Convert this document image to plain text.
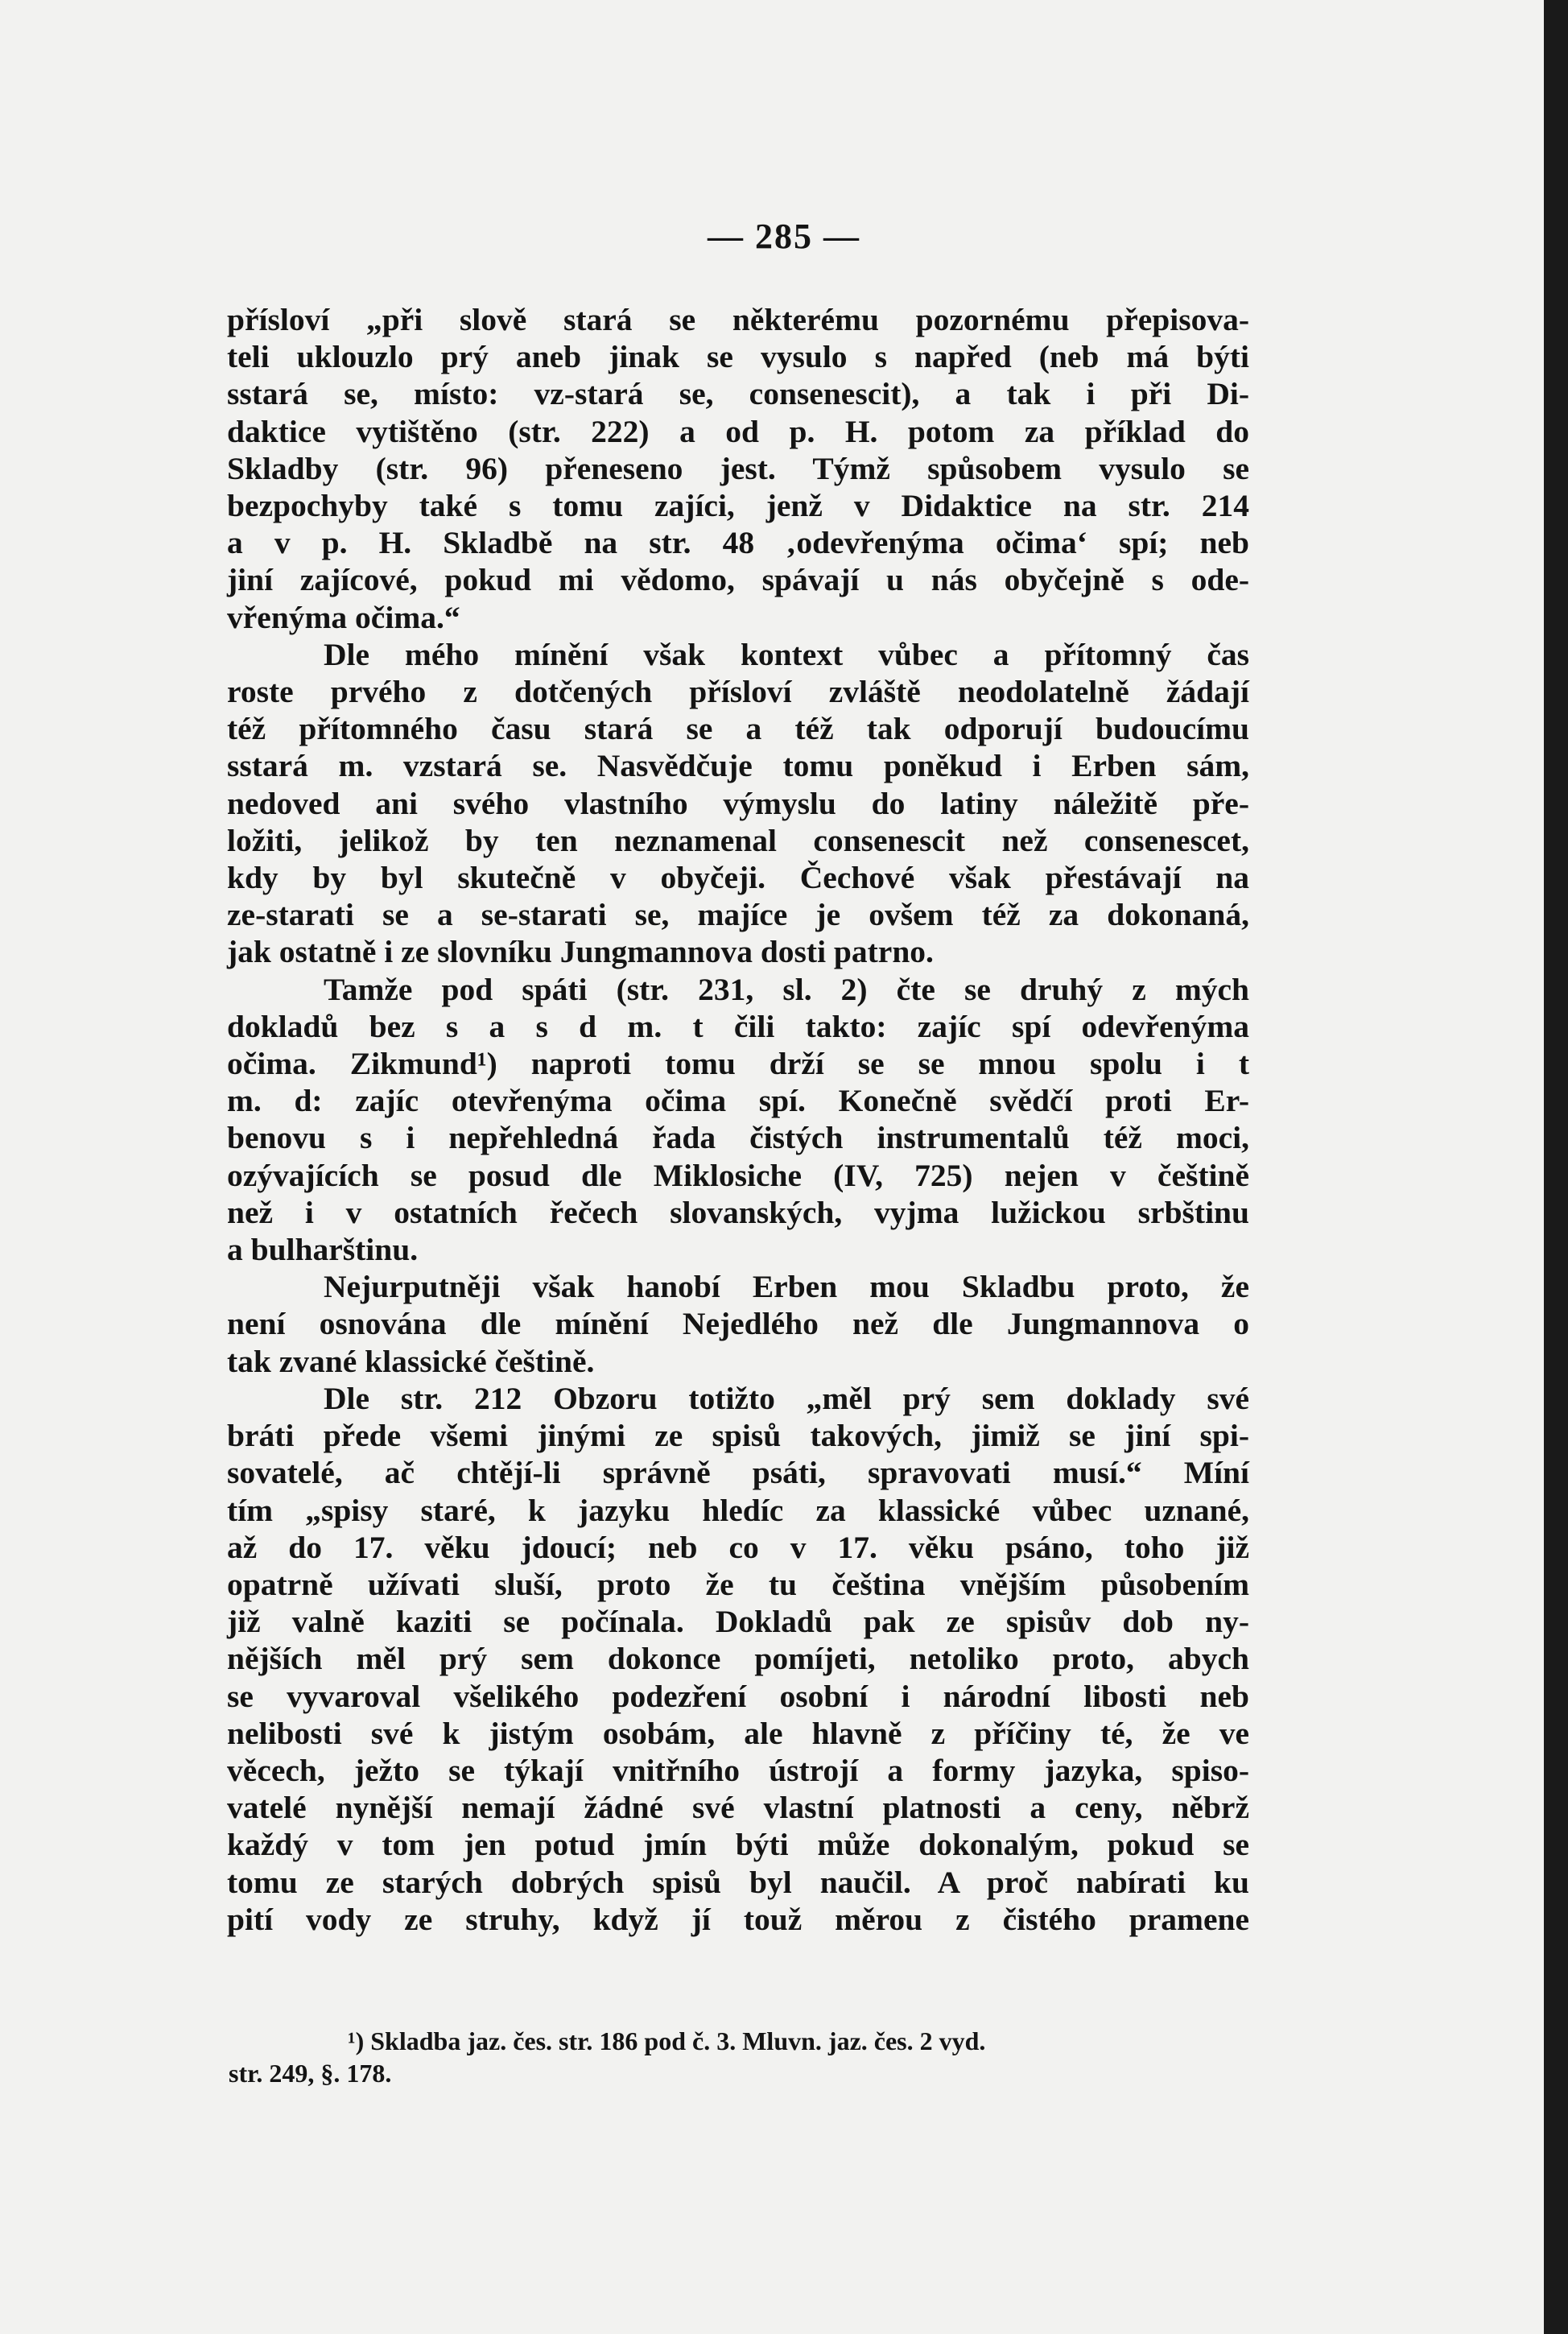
— 285 —
přísloví „při slově stará se některému pozornému přepisova-
teli uklouzlo prý aneb jinak se vysulo s napřed (neb má býti
sstará se, místo: vz-stará se, consenescit), a tak i při Di-
daktice vytištěno (str. 222) a od p. H. potom za příklad do
Skladby (str. 96) přeneseno jest. Týmž spůsobem vysulo se
bezpochyby také s tomu zajíci, jenž v Didaktice na str. 214
a v p. H. Skladbě na str. 48 ‚odevřenýma očima‘ spí; neb
jiní zajícové, pokud mi vědomo, spávají u nás obyčejně s ode-
vřenýma očima.“
Dle mého mínění však kontext vůbec a přítomný čas
roste prvého z dotčených přísloví zvláště neodolatelně žádají
též přítomného času stará se a též tak odporují budoucímu
sstará m. vzstará se. Nasvědčuje tomu poněkud i Erben sám,
nedoved ani svého vlastního výmyslu do latiny náležitě pře-
ložiti, jelikož by ten neznamenal consenescit než consenescet,
kdy by byl skutečně v obyčeji. Čechové však přestávají na
ze-starati se a se-starati se, majíce je ovšem též za dokonaná,
jak ostatně i ze slovníku Jungmannova dosti patrno.
Tamže pod spáti (str. 231, sl. 2) čte se druhý z mých
dokladů bez s a s d m. t čili takto: zajíc spí odevřenýma
očima. Zikmund¹) naproti tomu drží se se mnou spolu i t
m. d: zajíc otevřenýma očima spí. Konečně svědčí proti Er-
benovu s i nepřehledná řada čistých instrumentalů též moci,
ozývajících se posud dle Miklosiche (IV, 725) nejen v češtině
než i v ostatních řečech slovanských, vyjma lužickou srbštinu
a bulharštinu.
Nejurputněji však hanobí Erben mou Skladbu proto, že
není osnována dle mínění Nejedlého než dle Jungmannova o
tak zvané klassické češtině.
Dle str. 212 Obzoru totižto „měl prý sem doklady své
bráti přede všemi jinými ze spisů takových, jimiž se jiní spi-
sovatelé, ač chtějí-li správně psáti, spravovati musí.“ Míní
tím „spisy staré, k jazyku hledíc za klassické vůbec uznané,
až do 17. věku jdoucí; neb co v 17. věku psáno, toho již
opatrně užívati sluší, proto že tu čeština vnějším působením
již valně kaziti se počínala. Dokladů pak ze spisův dob ny-
nějších měl prý sem dokonce pomíjeti, netoliko proto, abych
se vyvaroval všelikého podezření osobní i národní libosti neb
nelibosti své k jistým osobám, ale hlavně z příčiny té, že ve
věcech, ježto se týkají vnitřního ústrojí a formy jazyka, spiso-
vatelé nynější nemají žádné své vlastní platnosti a ceny, něbrž
každý v tom jen potud jmín býti může dokonalým, pokud se
tomu ze starých dobrých spisů byl naučil. A proč nabírati ku
pití vody ze struhy, když jí touž měrou z čistého pramene
¹) Skladba jaz. čes. str. 186 pod č. 3. Mluvn. jaz. čes. 2 vyd.
str. 249, §. 178.
